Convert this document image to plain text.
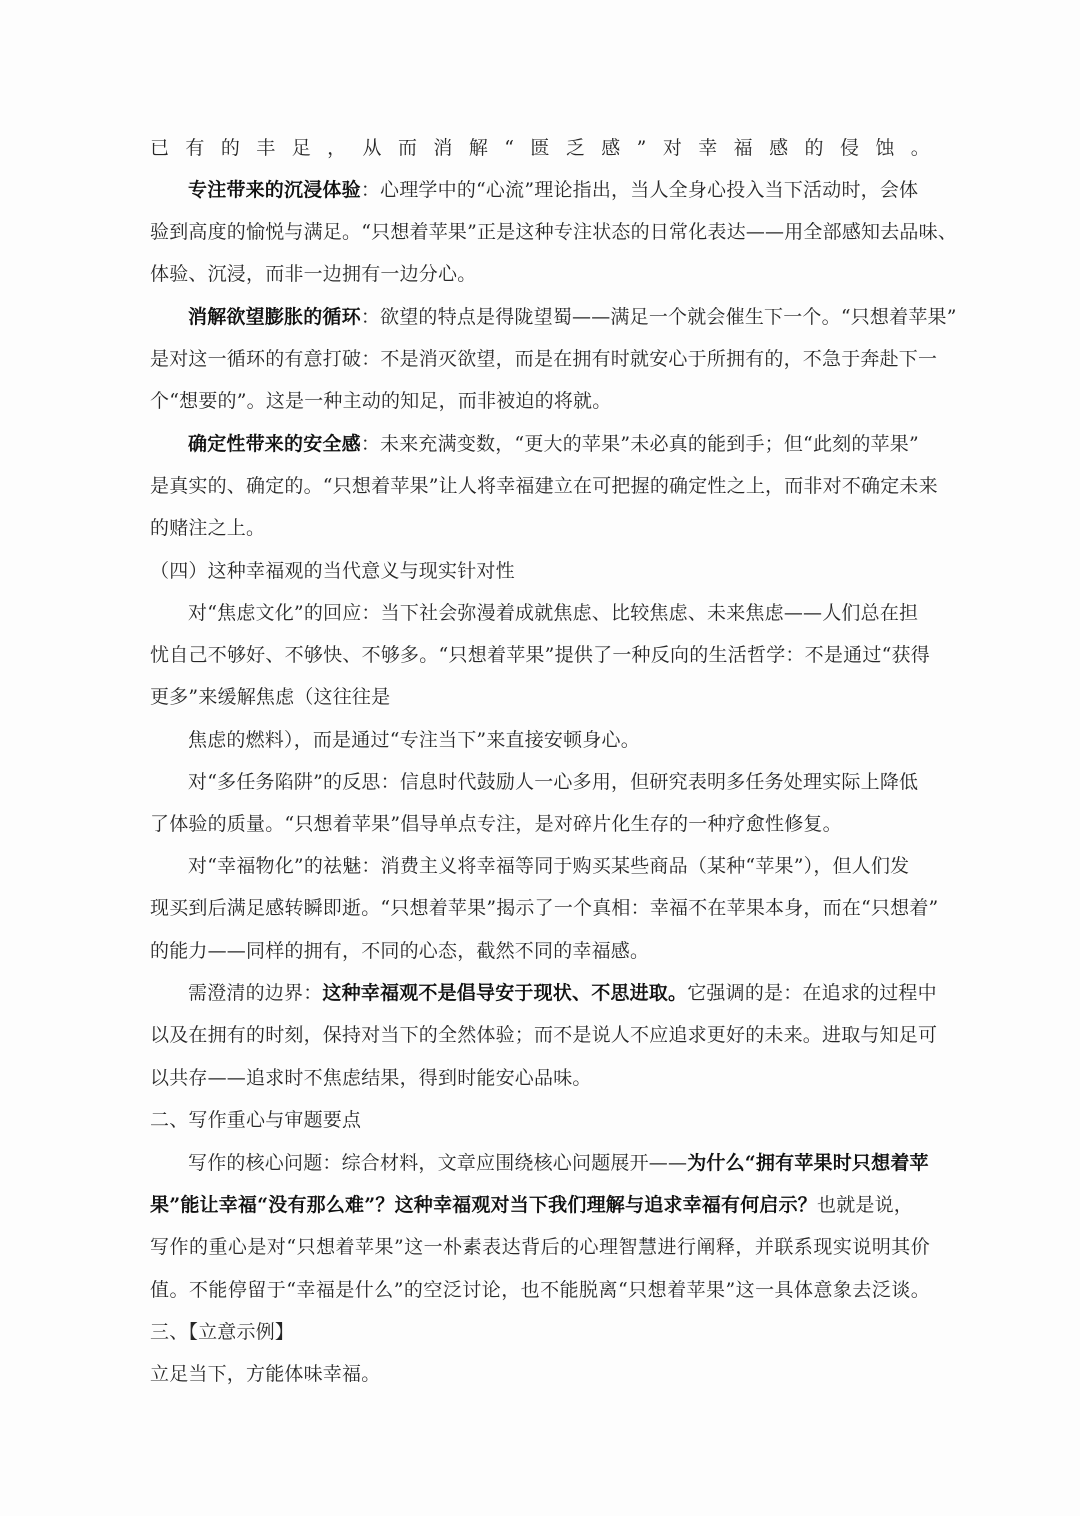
已有的丰足，从而消解“匮乏感”对幸福感的侵蚀。
专注带来的沉浸体验：心理学中的“心流”理论指出，当人全身心投入当下活动时，会体
验到高度的愉悦与满足。“只想着苹果”正是这种专注状态的日常化表达——用全部感知去品味、
体验、沉浸，而非一边拥有一边分心。
消解欲望膨胀的循环：欲望的特点是得陇望蜀——满足一个就会催生下一个。“只想着苹果”
是对这一循环的有意打破：不是消灭欲望，而是在拥有时就安心于所拥有的，不急于奔赴下一
个“想要的”。这是一种主动的知足，而非被迫的将就。
确定性带来的安全感：未来充满变数，“更大的苹果”未必真的能到手；但“此刻的苹果”
是真实的、确定的。“只想着苹果”让人将幸福建立在可把握的确定性之上，而非对不确定未来
的赌注之上。
（四）这种幸福观的当代意义与现实针对性
对“焦虑文化”的回应：当下社会弥漫着成就焦虑、比较焦虑、未来焦虑——人们总在担
忧自己不够好、不够快、不够多。“只想着苹果”提供了一种反向的生活哲学：不是通过“获得
更多”来缓解焦虑（这往往是
焦虑的燃料），而是通过“专注当下”来直接安顿身心。
对“多任务陷阱”的反思：信息时代鼓励人一心多用，但研究表明多任务处理实际上降低
了体验的质量。“只想着苹果”倡导单点专注，是对碎片化生存的一种疗愈性修复。
对“幸福物化”的祛魅：消费主义将幸福等同于购买某些商品（某种“苹果”），但人们发
现买到后满足感转瞬即逝。“只想着苹果”揭示了一个真相：幸福不在苹果本身，而在“只想着”
的能力——同样的拥有，不同的心态，截然不同的幸福感。
需澄清的边界：这种幸福观不是倡导安于现状、不思进取。它强调的是：在追求的过程中
以及在拥有的时刻，保持对当下的全然体验；而不是说人不应追求更好的未来。进取与知足可
以共存——追求时不焦虑结果，得到时能安心品味。
二、写作重心与审题要点
写作的核心问题：综合材料，文章应围绕核心问题展开——为什么“拥有苹果时只想着苹
果”能让幸福“没有那么难”？这种幸福观对当下我们理解与追求幸福有何启示？也就是说，
写作的重心是对“只想着苹果”这一朴素表达背后的心理智慧进行阐释，并联系现实说明其价
值。不能停留于“幸福是什么”的空泛讨论，也不能脱离“只想着苹果”这一具体意象去泛谈。
三、【立意示例】
立足当下，方能体味幸福。
